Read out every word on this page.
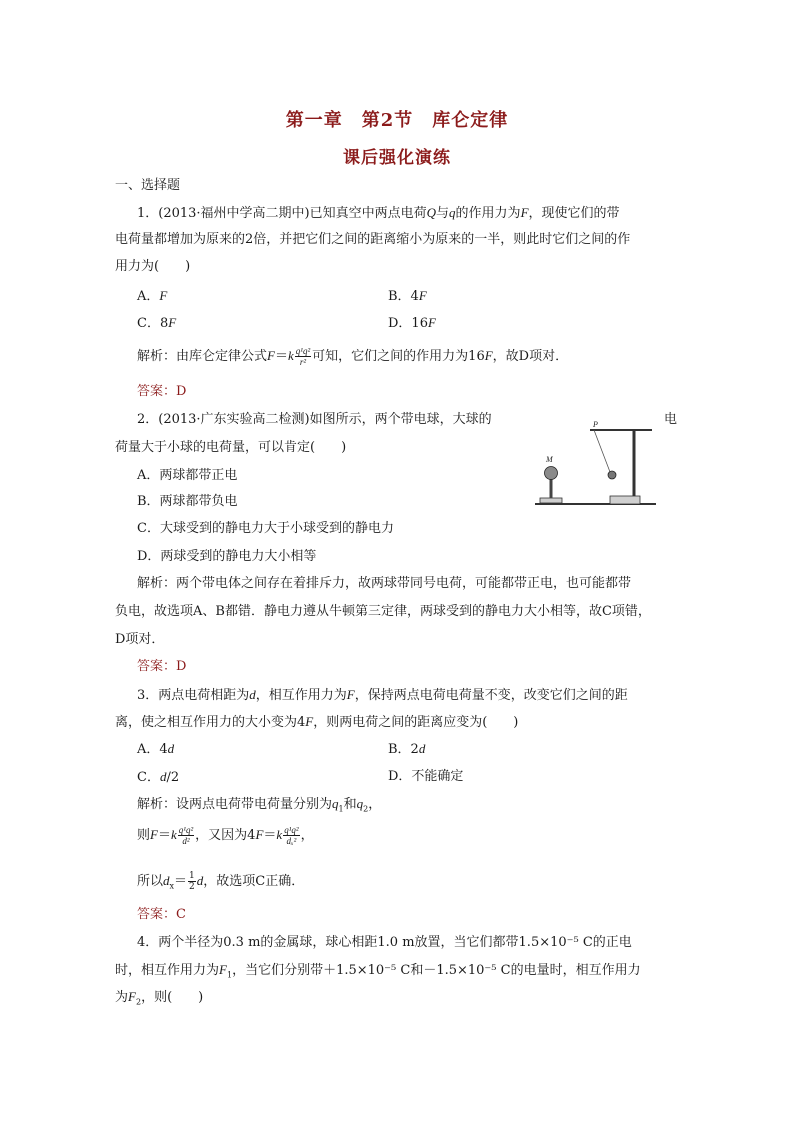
第一章　第2节　库仑定律
课后强化演练
一、选择题
1．(2013·福州中学高二期中)已知真空中两点电荷Q与q的作用力为F，现使它们的带
电荷量都增加为原来的2倍，并把它们之间的距离缩小为原来的一半，则此时它们之间的作
用力为(　　)
A．F	B．4F
C．8F	D．16F
解析：由库仑定律公式$F=k \frac{\text{q¹q²}}{\text{r²}}$ 可知，它们之间的作用力为16F，故D项对．
答案：D
2．(2013·广东实验高二检测)如图所示，两个带电球，大球的	电
荷量大于小球的电荷量，可以肯定(　　)
A．两球都带正电
B．两球都带负电
C．大球受到的静电力大于小球受到的静电力
D．两球受到的静电力大小相等
解析：两个带电体之间存在着排斥力，故两球带同号电荷，可能都带正电，也可能都带
负电，故选项A、B都错．静电力遵从牛顿第三定律，两球受到的静电力大小相等，故C项错，
D项对．
答案：D
M
P
3．两点电荷相距为d，相互作用力为F，保持两点电荷电荷量不变，改变它们之间的距
离，使之相互作用力的大小变为4F，则两电荷之间的距离应变为(　　)
A．4d	B．2d
C．d/2	D．不能确定
解析：设两点电荷带电荷量分别为$q_1$和$q_2$，
则$F=k \frac{\text{q¹q²}}{\text{d²}}$ ，又因为$4F=k \frac{\text{q¹q²}}{\text{dₓ²}}$ ，
所以$d_x= \frac{1}{2}$ d，故选项C正确．
答案：C
4．两个半径为0.3 m的金属球，球心相距1.0 m放置，当它们都带1.5×10⁻⁵ C的正电
时，相互作用力为$F_1$，当它们分别带＋1.5×10⁻⁵ C和－1.5×10⁻⁵ C的电量时，相互作用力
为$F_2$，则(　　)
